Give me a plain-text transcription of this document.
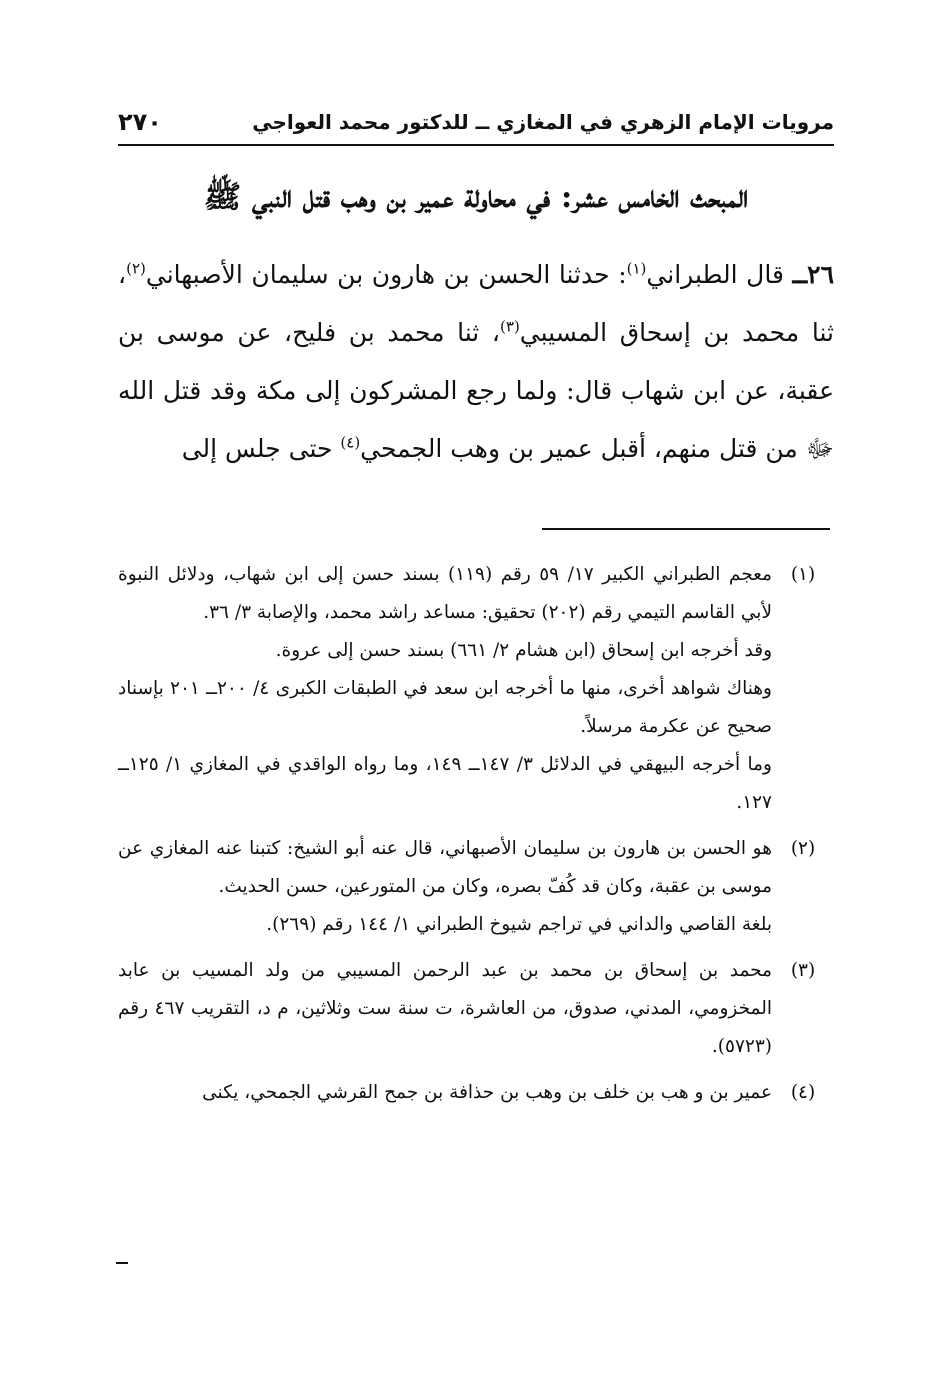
مرويات الإمام الزهري في المغازي ــ للدكتور محمد العواجي
٢٧٠
المبحث الخامس عشر: في محاولة عمير بن وهب قتل النبي ﷺ
٢٦ــ قال الطبراني$^{(١)}$: حدثنا الحسن بن هارون بن سليمان الأصبهاني$^{(٢)}$، ثنا محمد بن إسحاق المسيبي$^{(٣)}$، ثنا محمد بن فليح، عن موسى بن عقبة، عن ابن شهاب قال: ولما رجع المشركون إلى مكة وقد قتل الله ﷻ من قتل منهم، أقبل عمير بن وهب الجمحي$^{(٤)}$ حتى جلس إلى
(١)

معجم الطبراني الكبير ١٧/ ٥٩ رقم (١١٩) بسند حسن إلى ابن شهاب، ودلائل النبوة لأبي القاسم التيمي رقم (٢٠٢) تحقيق: مساعد راشد محمد، والإصابة ٣/ ٣٦.

وقد أخرجه ابن إسحاق (ابن هشام ٢/ ٦٦١) بسند حسن إلى عروة.

وهناك شواهد أخرى، منها ما أخرجه ابن سعد في الطبقات الكبرى ٤/ ٢٠٠ــ ٢٠١ بإسناد صحيح عن عكرمة مرسلاً.

وما أخرجه البيهقي في الدلائل ٣/ ١٤٧ــ ١٤٩، وما رواه الواقدي في المغازي ١/ ١٢٥ــ ١٢٧.

(٢)

هو الحسن بن هارون بن سليمان الأصبهاني، قال عنه أبو الشيخ: كتبنا عنه المغازي عن موسى بن عقبة، وكان قد كُفّ بصره، وكان من المتورعين، حسن الحديث.

بلغة القاصي والداني في تراجم شيوخ الطبراني ١/ ١٤٤ رقم (٢٦٩).

(٣)

محمد بن إسحاق بن محمد بن عبد الرحمن المسيبي من ولد المسيب بن عابد المخزومي، المدني، صدوق، من العاشرة، ت سنة ست وثلاثين، م د، التقريب ٤٦٧ رقم (٥٧٢٣).

(٤)

عمير بن و هب بن خلف بن وهب بن حذافة بن جمح القرشي الجمحي، يكنى
